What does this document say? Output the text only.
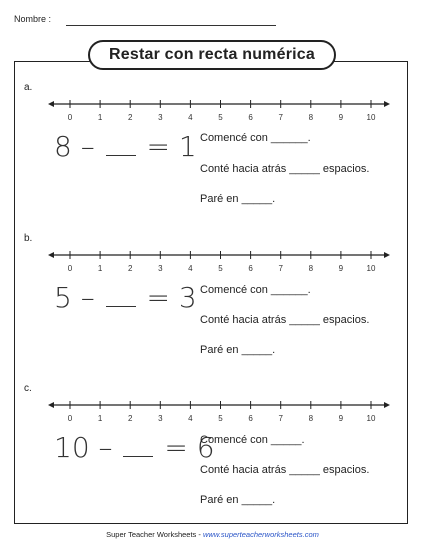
Nombre :
Restar con recta numérica
a.
0	1	2	3	4	5	6	7	8	9	10
8 – = 1 Comencé con ______.
Conté hacia atrás _____ espacios.
Paré en _____.
b.
0	1	2	3	4	5	6	7	8	9	10
5 – = 3 Comencé con ______.
Conté hacia atrás _____ espacios.
Paré en _____.
c.
0	1	2	3	4	5	6	7	8	9	10
10 – = 6
Comencé con _____.
Conté hacia atrás _____ espacios.
Paré en _____.
Super Teacher Worksheets - www.superteacherworksheets.com
